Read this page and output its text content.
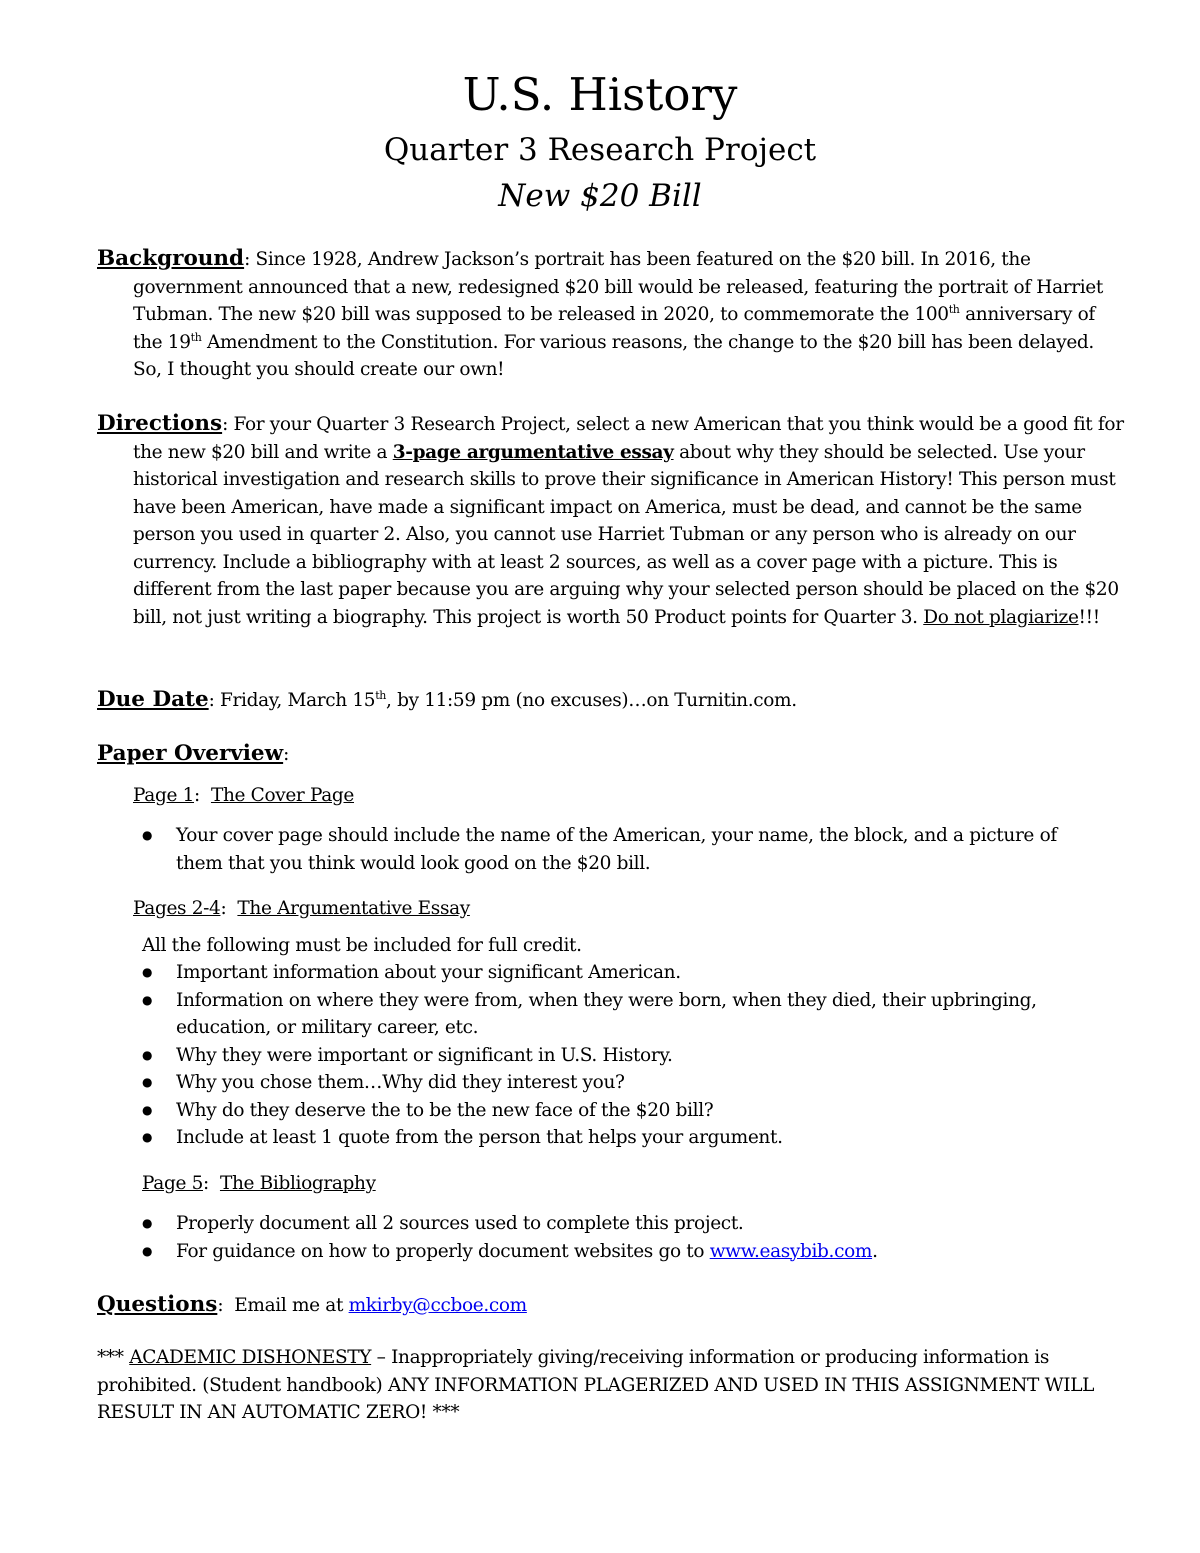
U.S. History
Quarter 3 Research Project
New $20 Bill

Background: Since 1928, Andrew Jackson’s portrait has been featured on the $20 bill. In 2016, the government announced that a new, redesigned $20 bill would be released, featuring the portrait of Harriet Tubman. The new $20 bill was supposed to be released in 2020, to commemorate the 100th anniversary of the 19th Amendment to the Constitution. For various reasons, the change to the $20 bill has been delayed. So, I thought you should create our own!

Directions: For your Quarter 3 Research Project, select a new American that you think would be a good fit for the new $20 bill and write a 3-page argumentative essay about why they should be selected. Use your historical investigation and research skills to prove their significance in American History! This person must have been American, have made a significant impact on America, must be dead, and cannot be the same person you used in quarter 2. Also, you cannot use Harriet Tubman or any person who is already on our currency. Include a bibliography with at least 2 sources, as well as a cover page with a picture. This is different from the last paper because you are arguing why your selected person should be placed on the $20 bill, not just writing a biography. This project is worth 50 Product points for Quarter 3. Do not plagiarize!!!

Due Date: Friday, March 15th, by 11:59 pm (no excuses)…on Turnitin.com.

Paper Overview:

Page 1:  The Cover Page
● Your cover page should include the name of the American, your name, the block, and a picture of them that you think would look good on the $20 bill.
Pages 2-4:  The Argumentative Essay
All the following must be included for full credit.
● Important information about your significant American.
● Information on where they were from, when they were born, when they died, their upbringing, education, or military career, etc.
● Why they were important or significant in U.S. History.
● Why you chose them…Why did they interest you?
● Why do they deserve the to be the new face of the $20 bill?
● Include at least 1 quote from the person that helps your argument.
Page 5:  The Bibliography
● Properly document all 2 sources used to complete this project.
● For guidance on how to properly document websites go to www.easybib.com.

Questions:  Email me at mkirby@ccboe.com

*** ACADEMIC DISHONESTY – Inappropriately giving/receiving information or producing information is prohibited. (Student handbook) ANY INFORMATION PLAGERIZED AND USED IN THIS ASSIGNMENT WILL RESULT IN AN AUTOMATIC ZERO! ***
